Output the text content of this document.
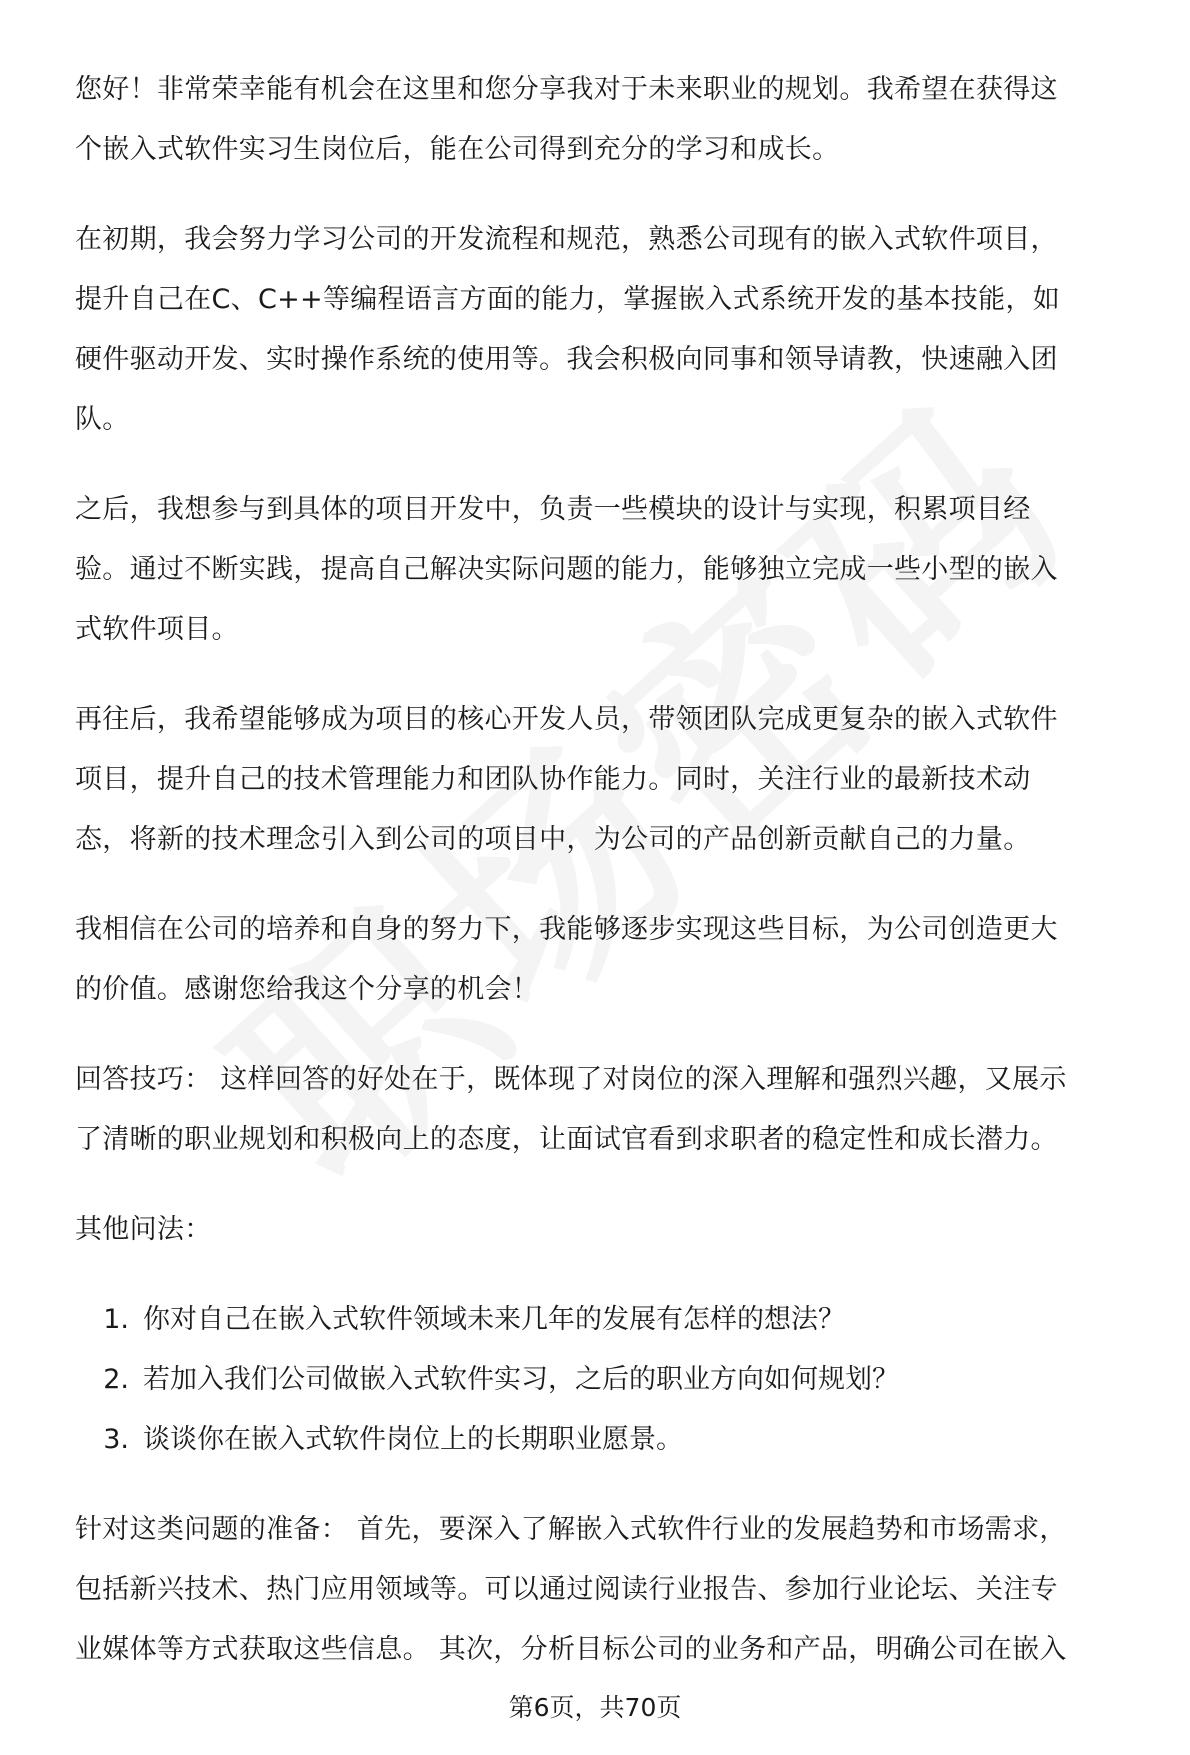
您好！非常荣幸能有机会在这里和您分享我对于未来职业的规划。我希望在获得这
个嵌入式软件实习生岗位后，能在公司得到充分的学习和成长。
在初期，我会努力学习公司的开发流程和规范，熟悉公司现有的嵌入式软件项目，
提升自己在C、C++等编程语言方面的能力，掌握嵌入式系统开发的基本技能，如
硬件驱动开发、实时操作系统的使用等。我会积极向同事和领导请教，快速融入团
队。
之后，我想参与到具体的项目开发中，负责一些模块的设计与实现，积累项目经
验。通过不断实践，提高自己解决实际问题的能力，能够独立完成一些小型的嵌入
式软件项目。
再往后，我希望能够成为项目的核心开发人员，带领团队完成更复杂的嵌入式软件
项目，提升自己的技术管理能力和团队协作能力。同时，关注行业的最新技术动
态，将新的技术理念引入到公司的项目中，为公司的产品创新贡献自己的力量。
我相信在公司的培养和自身的努力下，我能够逐步实现这些目标，为公司创造更大
的价值。感谢您给我这个分享的机会！
回答技巧： 这样回答的好处在于，既体现了对岗位的深入理解和强烈兴趣，又展示
了清晰的职业规划和积极向上的态度，让面试官看到求职者的稳定性和成长潜力。
其他问法：
1. 你对自己在嵌入式软件领域未来几年的发展有怎样的想法？
2. 若加入我们公司做嵌入式软件实习，之后的职业方向如何规划？
3. 谈谈你在嵌入式软件岗位上的长期职业愿景。
针对这类问题的准备： 首先，要深入了解嵌入式软件行业的发展趋势和市场需求，
包括新兴技术、热门应用领域等。可以通过阅读行业报告、参加行业论坛、关注专
业媒体等方式获取这些信息。 其次，分析目标公司的业务和产品，明确公司在嵌入
第6页，共70页
